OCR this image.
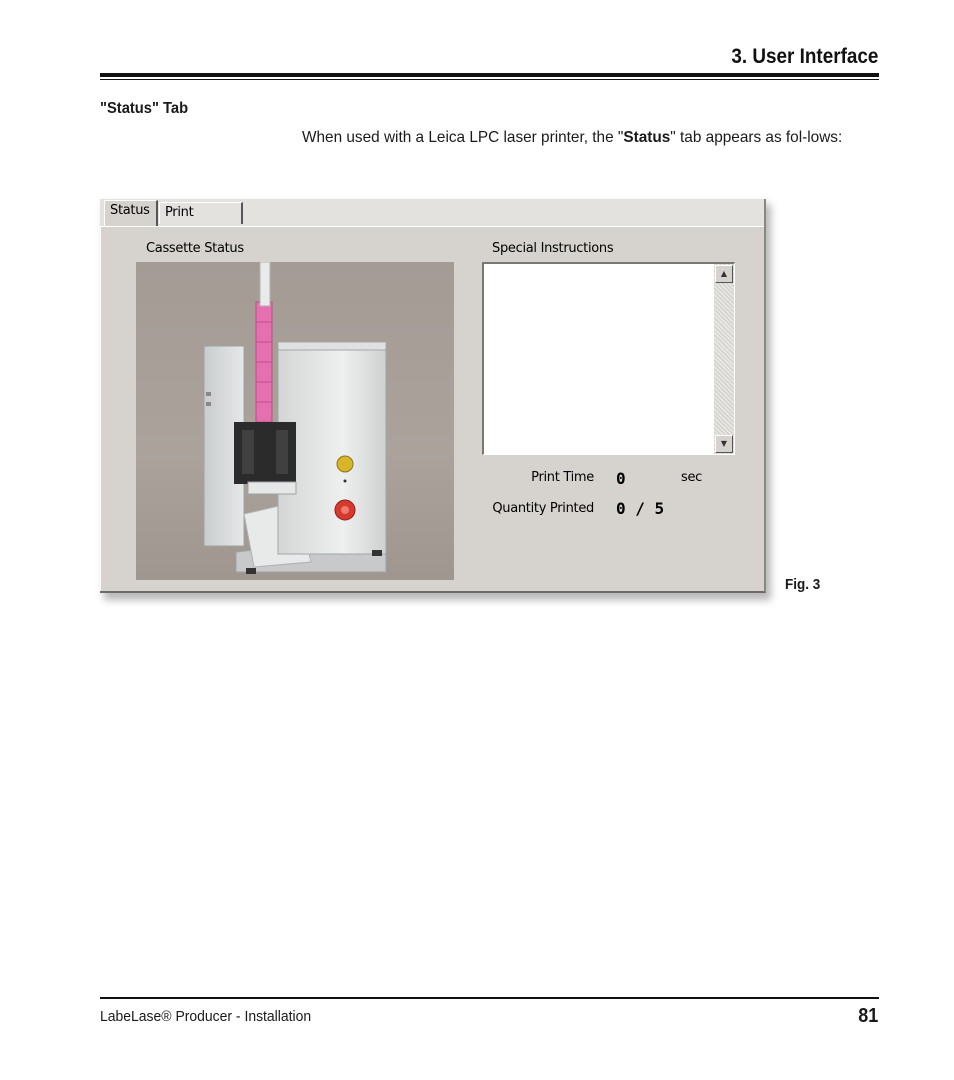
3. User Interface
"Status" Tab
When used with a Leica LPC laser printer, the "Status" tab appears as fol-lows:
Status	Print
Cassette Status	Special Instructions
▲
▼
Print Time 0	sec
Quantity Printed 0 / 5
Fig. 3
LabeLase® Producer - Installation	81
